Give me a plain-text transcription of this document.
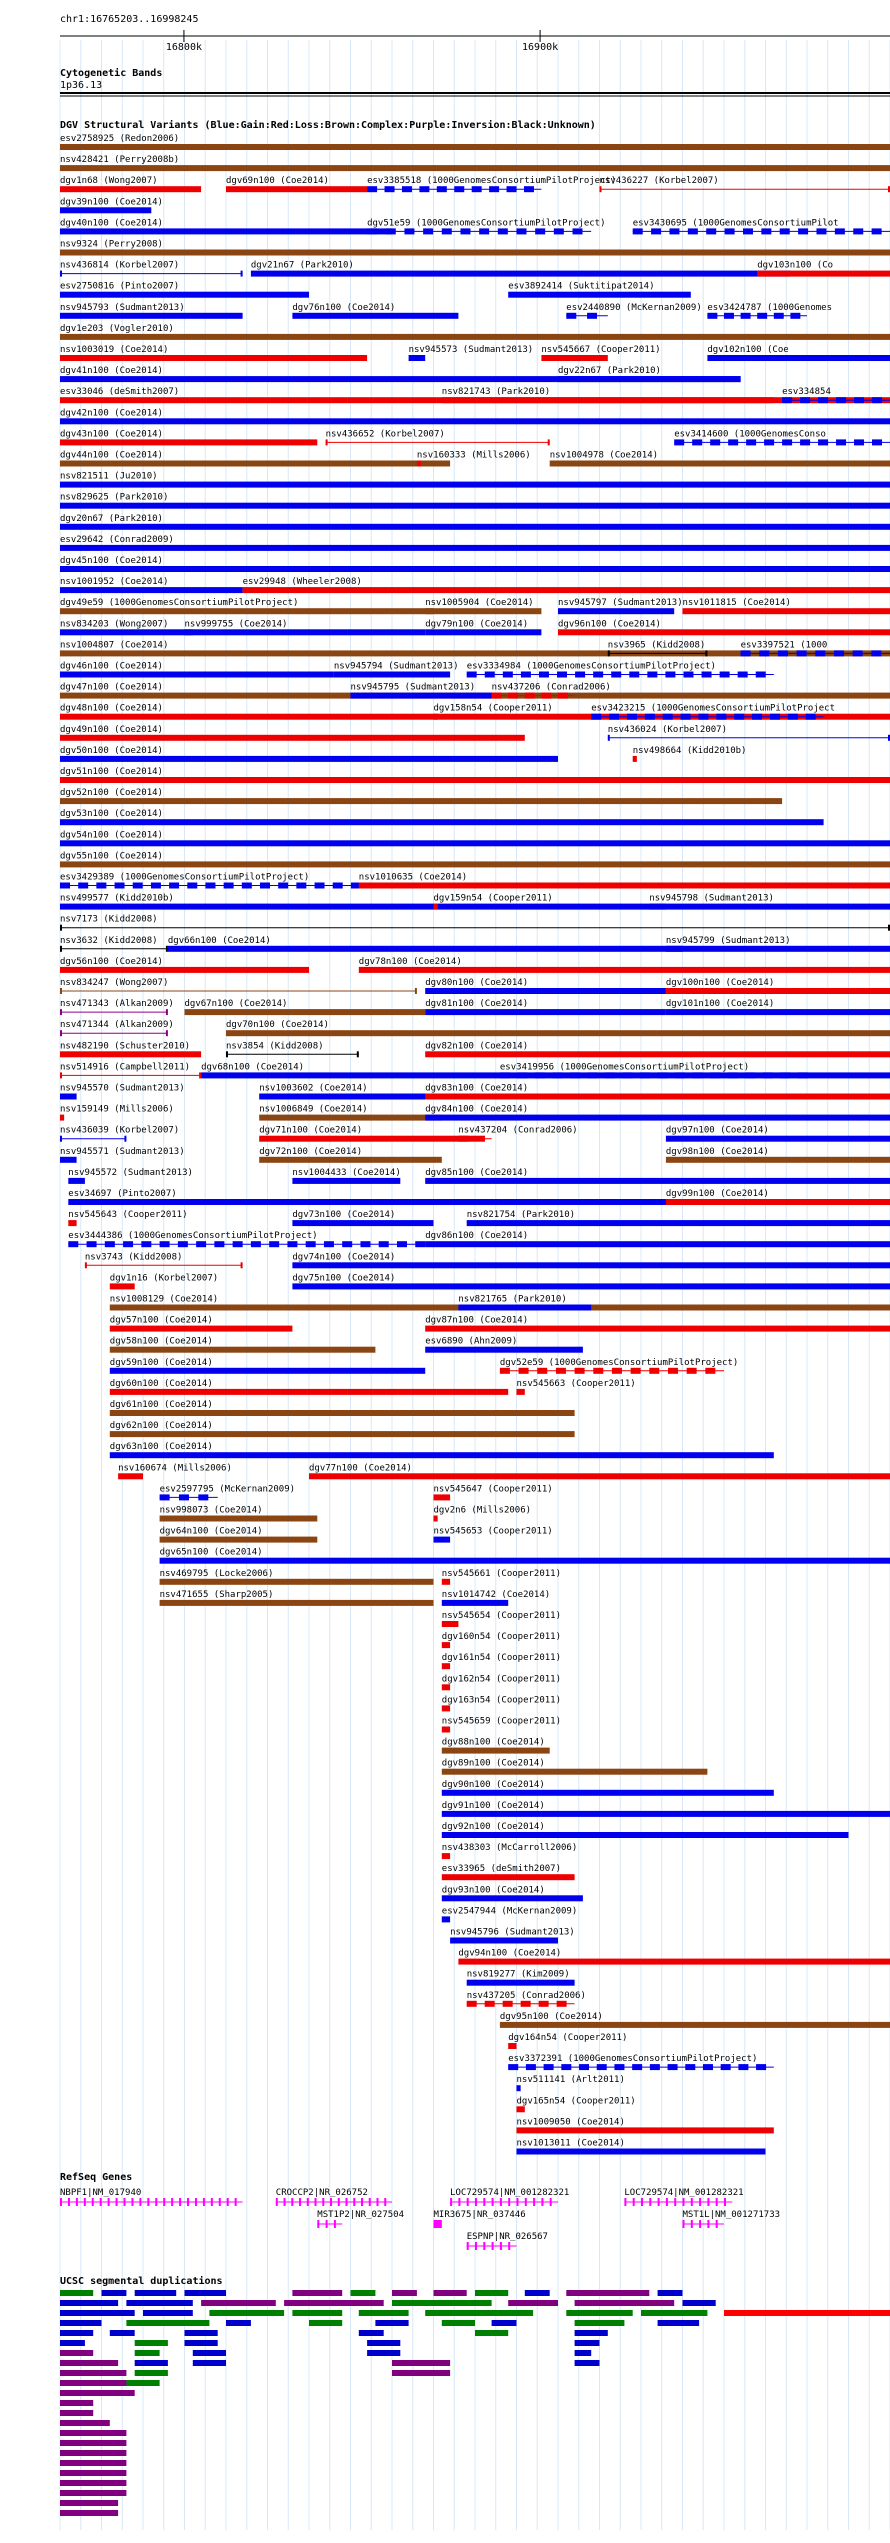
chr1:16765203..16998245
16800k	16900k
Cytogenetic Bands
1p36.13
DGV Structural Variants (Blue:Gain:Red:Loss:Brown:Complex:Purple:Inversion:Black:Unknown)
esv2758925 (Redon2006)
nsv428421 (Perry2008b)
dgv1n68 (Wong2007)	dgv69n100 (Coe2014)	esv3385518 (1000GenomesConsortiumPilotProject)
nsv436227 (Korbel2007)
dgv39n100 (Coe2014)
dgv40n100 (Coe2014)	dgv51e59 (1000GenomesConsortiumPilotProject)	esv3430695 (1000GenomesConsortiumPilot
nsv9324 (Perry2008)
nsv436814 (Korbel2007)	dgv21n67 (Park2010)	dgv103n100 (Co
esv2750816 (Pinto2007)	esv3892414 (Suktitipat2014)
nsv945793 (Sudmant2013)	dgv76n100 (Coe2014)	esv2440890 (McKernan2009) esv3424787 (1000Genomes
dgv1e203 (Vogler2010)
nsv1003019 (Coe2014)	nsv945573 (Sudmant2013) nsv545667 (Cooper2011)	dgv102n100 (Coe
dgv41n100 (Coe2014)	dgv22n67 (Park2010)
esv33046 (deSmith2007)	nsv821743 (Park2010)	esv334854
dgv42n100 (Coe2014)
dgv43n100 (Coe2014)	nsv436652 (Korbel2007)	esv3414600 (1000GenomesConso
dgv44n100 (Coe2014)	nsv160333 (Mills2006) nsv1004978 (Coe2014)
nsv821511 (Ju2010)
nsv829625 (Park2010)
dgv20n67 (Park2010)
esv29642 (Conrad2009)
dgv45n100 (Coe2014)
nsv1001952 (Coe2014)	esv29948 (Wheeler2008)
dgv49e59 (1000GenomesConsortiumPilotProject)	nsv1005904 (Coe2014)	nsv945797 (Sudmant2013) nsv1011815 (Coe2014)
nsv834203 (Wong2007) nsv999755 (Coe2014)	dgv79n100 (Coe2014)	dgv96n100 (Coe2014)
nsv1004807 (Coe2014)	nsv3965 (Kidd2008)	esv3397521 (1000
dgv46n100 (Coe2014)	nsv945794 (Sudmant2013) esv3334984 (1000GenomesConsortiumPilotProject)
dgv47n100 (Coe2014)	nsv945795 (Sudmant2013) nsv437206 (Conrad2006)
dgv48n100 (Coe2014)	dgv158n54 (Cooper2011)	esv3423215 (1000GenomesConsortiumPilotProject
dgv49n100 (Coe2014)	nsv436024 (Korbel2007)
dgv50n100 (Coe2014)	nsv498664 (Kidd2010b)
dgv51n100 (Coe2014)
dgv52n100 (Coe2014)
dgv53n100 (Coe2014)
dgv54n100 (Coe2014)
dgv55n100 (Coe2014)
esv3429389 (1000GenomesConsortiumPilotProject)	nsv1010635 (Coe2014)
nsv499577 (Kidd2010b)	dgv159n54 (Cooper2011)	nsv945798 (Sudmant2013)
nsv7173 (Kidd2008)
nsv3632 (Kidd2008) dgv66n100 (Coe2014)	nsv945799 (Sudmant2013)
dgv56n100 (Coe2014)	dgv78n100 (Coe2014)
nsv834247 (Wong2007)	dgv80n100 (Coe2014)	dgv100n100 (Coe2014)
nsv471343 (Alkan2009) dgv67n100 (Coe2014)	dgv81n100 (Coe2014)	dgv101n100 (Coe2014)
nsv471344 (Alkan2009)	dgv70n100 (Coe2014)
nsv482190 (Schuster2010)	nsv3854 (Kidd2008)	dgv82n100 (Coe2014)
nsv514916 (Campbell2011) dgv68n100 (Coe2014)	esv3419956 (1000GenomesConsortiumPilotProject)
nsv945570 (Sudmant2013)	nsv1003602 (Coe2014)	dgv83n100 (Coe2014)
nsv159149 (Mills2006)	nsv1006849 (Coe2014)	dgv84n100 (Coe2014)
nsv436039 (Korbel2007)	dgv71n100 (Coe2014)	nsv437204 (Conrad2006)	dgv97n100 (Coe2014)
nsv945571 (Sudmant2013)	dgv72n100 (Coe2014)	dgv98n100 (Coe2014)
nsv945572 (Sudmant2013)	nsv1004433 (Coe2014)	dgv85n100 (Coe2014)
esv34697 (Pinto2007)	dgv99n100 (Coe2014)
nsv545643 (Cooper2011)	dgv73n100 (Coe2014)	nsv821754 (Park2010)
esv3444386 (1000GenomesConsortiumPilotProject)	dgv86n100 (Coe2014)
nsv3743 (Kidd2008)	dgv74n100 (Coe2014)
dgv1n16 (Korbel2007)	dgv75n100 (Coe2014)
nsv1008129 (Coe2014)	nsv821765 (Park2010)
dgv57n100 (Coe2014)	dgv87n100 (Coe2014)
dgv58n100 (Coe2014)	esv6890 (Ahn2009)
dgv59n100 (Coe2014)	dgv52e59 (1000GenomesConsortiumPilotProject)
dgv60n100 (Coe2014)	nsv545663 (Cooper2011)
dgv61n100 (Coe2014)
dgv62n100 (Coe2014)
dgv63n100 (Coe2014)
nsv160674 (Mills2006)	dgv77n100 (Coe2014)
esv2597795 (McKernan2009)	nsv545647 (Cooper2011)
nsv998073 (Coe2014)	dgv2n6 (Mills2006)
dgv64n100 (Coe2014)	nsv545653 (Cooper2011)
dgv65n100 (Coe2014)
nsv469795 (Locke2006)	nsv545661 (Cooper2011)
nsv471655 (Sharp2005)	nsv1014742 (Coe2014)
nsv545654 (Cooper2011)
dgv160n54 (Cooper2011)
dgv161n54 (Cooper2011)
dgv162n54 (Cooper2011)
dgv163n54 (Cooper2011)
nsv545659 (Cooper2011)
dgv88n100 (Coe2014)
dgv89n100 (Coe2014)
dgv90n100 (Coe2014)
dgv91n100 (Coe2014)
dgv92n100 (Coe2014)
nsv438303 (McCarroll2006)
esv33965 (deSmith2007)
dgv93n100 (Coe2014)
esv2547944 (McKernan2009)
nsv945796 (Sudmant2013)
dgv94n100 (Coe2014)
nsv819277 (Kim2009)
nsv437205 (Conrad2006)
dgv95n100 (Coe2014)
dgv164n54 (Cooper2011)
esv3372391 (1000GenomesConsortiumPilotProject)
nsv511141 (Arlt2011)
dgv165n54 (Cooper2011)
nsv1009050 (Coe2014)
nsv1013011 (Coe2014)
RefSeq Genes
NBPF1|NM_017940	CROCCP2|NR_026752	LOC729574|NM_001282321	LOC729574|NM_001282321
MST1P2|NR_027504	MIR3675|NR_037446	MST1L|NM_001271733
ESPNP|NR_026567
UCSC segmental duplications
